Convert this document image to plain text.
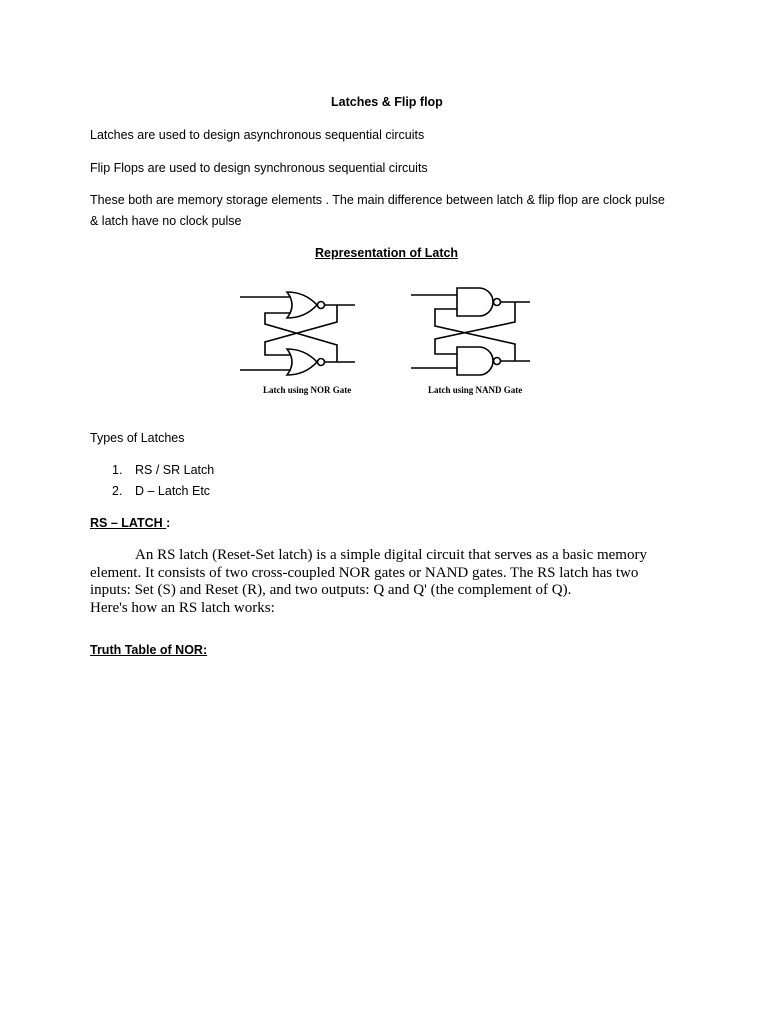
Latches & Flip flop
Latches are used to design asynchronous sequential circuits
Flip Flops are used to design synchronous sequential circuits
These both are memory storage elements . The main difference between latch & flip flop are clock pulse
& latch have no clock pulse
Representation of Latch
Latch using NOR Gate	Latch using NAND Gate
Types of Latches
1. RS / SR Latch
2. D – Latch Etc
RS – LATCH :
An RS latch (Reset-Set latch) is a simple digital circuit that serves as a basic memory
element. It consists of two cross-coupled NOR gates or NAND gates. The RS latch has two
inputs: Set (S) and Reset (R), and two outputs: Q and Q' (the complement of Q).
Here's how an RS latch works:
Truth Table of NOR:
